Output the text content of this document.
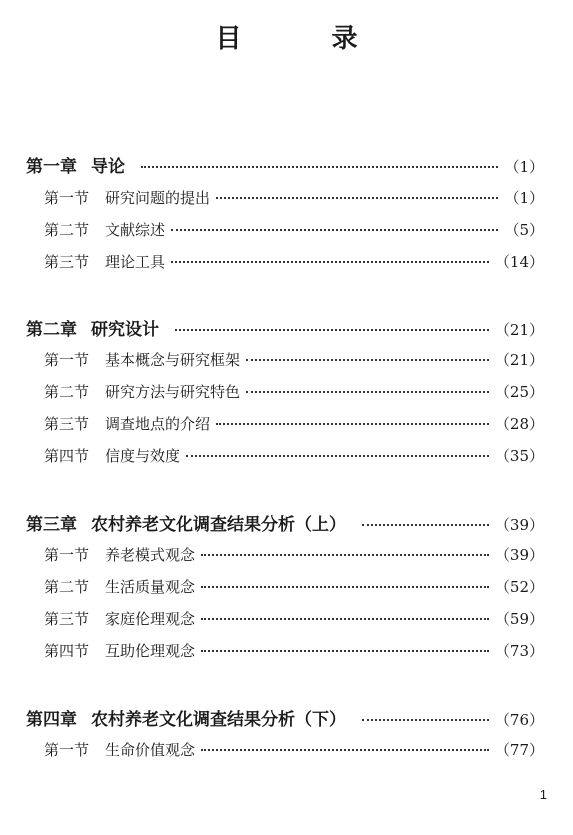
目　录
第一章 导论	（1）
第一节 研究问题的提出	（1）
第二节 文献综述	（5）
第三节 理论工具	（14）
第二章 研究设计	（21）
第一节 基本概念与研究框架	（21）
第二节 研究方法与研究特色	（25）
第三节 调查地点的介绍	（28）
第四节 信度与效度	（35）
第三章 农村养老文化调查结果分析（上）	（39）
第一节 养老模式观念	（39）
第二节 生活质量观念	（52）
第三节 家庭伦理观念	（59）
第四节 互助伦理观念	（73）
第四章 农村养老文化调查结果分析（下）	（76）
第一节 生命价值观念	（77）
1
